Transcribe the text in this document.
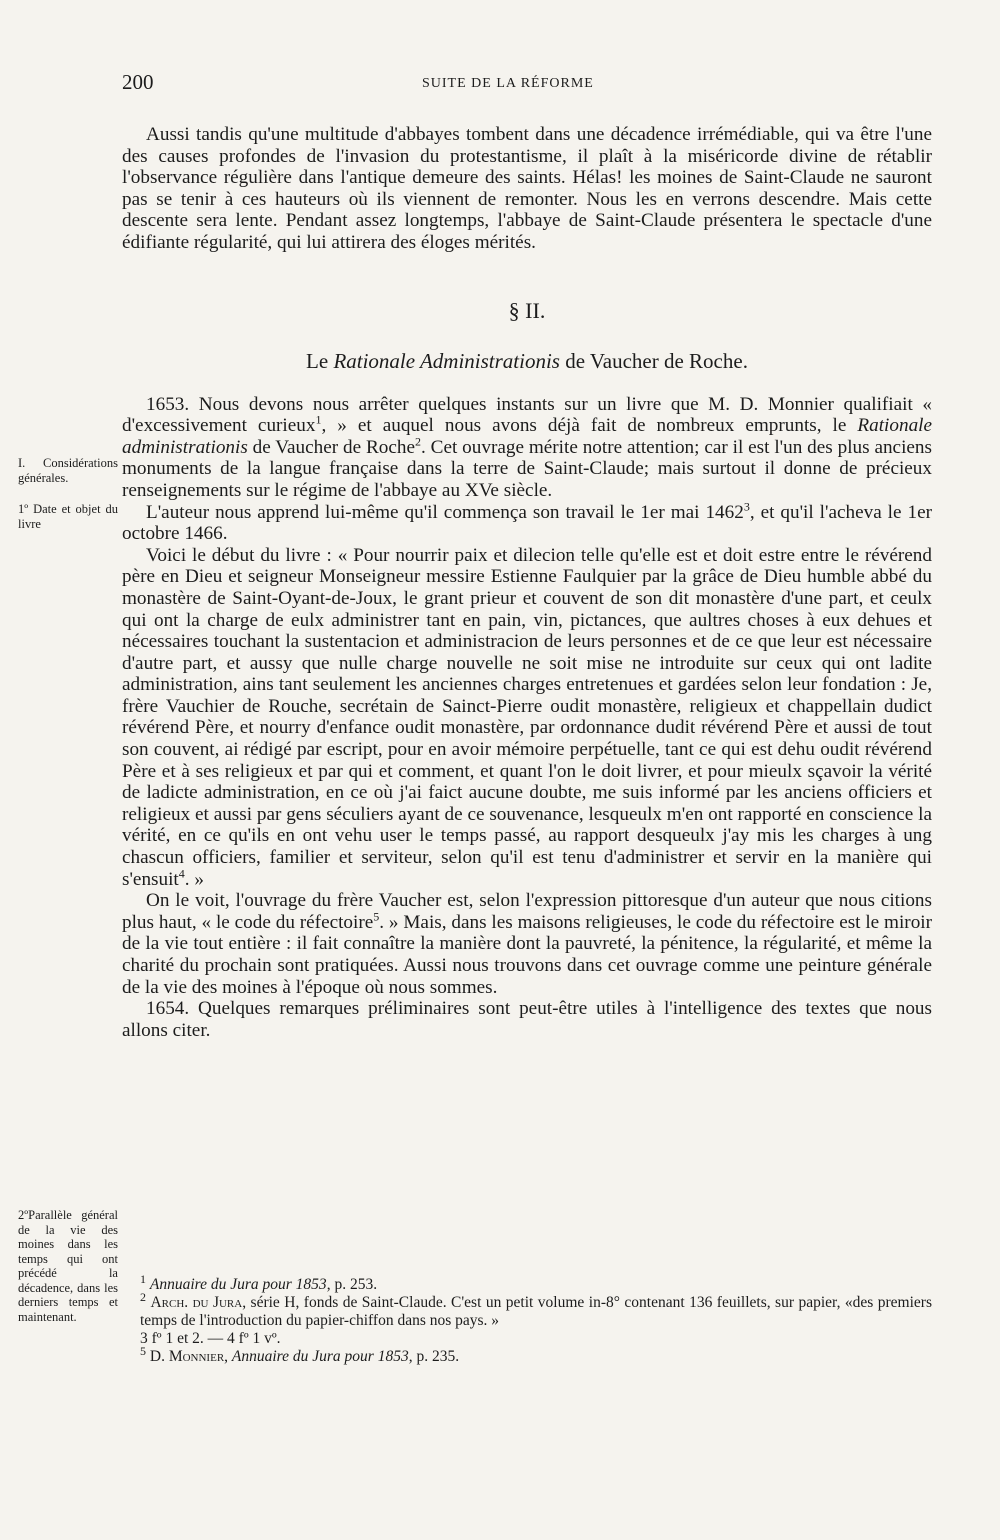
200	SUITE DE LA RÉFORME
I. Considérations générales.
1º Date et objet du livre
2ºParallèle général de la vie des moines dans les temps qui ont précédé la décadence, dans les derniers temps et maintenant.

Aussi tandis qu'une multitude d'abbayes tombent dans une décadence irrémédiable, qui va être l'une des causes profondes de l'invasion du protestantisme, il plaît à la miséricorde divine de rétablir l'observance régulière dans l'antique demeure des saints. Hélas! les moines de Saint-Claude ne sauront pas se tenir à ces hauteurs où ils viennent de remonter. Nous les en verrons descendre. Mais cette descente sera lente. Pendant assez longtemps, l'abbaye de Saint-Claude présentera le spectacle d'une édifiante régularité, qui lui attirera des éloges mérités.

§ II.
Le Rationale Administrationis de Vaucher de Roche.

1653. Nous devons nous arrêter quelques instants sur un livre que M. D. Monnier qualifiait « d'excessivement curieux$^1$, » et auquel nous avons déjà fait de nombreux emprunts, le Rationale administrationis de Vaucher de Roche$^2$. Cet ouvrage mérite notre attention; car il est l'un des plus anciens monuments de la langue française dans la terre de Saint-Claude; mais surtout il donne de précieux renseignements sur le régime de l'abbaye au XVe siècle.

L'auteur nous apprend lui-même qu'il commença son travail le 1er mai 1462$^3$, et qu'il l'acheva le 1er octobre 1466.

Voici le début du livre : « Pour nourrir paix et dilecion telle qu'elle est et doit estre entre le révérend père en Dieu et seigneur Monseigneur messire Estienne Faulquier par la grâce de Dieu humble abbé du monastère de Saint-Oyant-de-Joux, le grant prieur et couvent de son dit monastère d'une part, et ceulx qui ont la charge de eulx administrer tant en pain, vin, pictances, que aultres choses à eux dehues et nécessaires touchant la sustentacion et administracion de leurs personnes et de ce que leur est nécessaire d'autre part, et aussy que nulle charge nouvelle ne soit mise ne introduite sur ceux qui ont ladite administration, ains tant seulement les anciennes charges entretenues et gardées selon leur fondation : Je, frère Vauchier de Rouche, secrétain de Sainct-Pierre oudit monastère, religieux et chappellain dudict révérend Père, et nourry d'enfance oudit monastère, par ordonnance dudit révérend Père et aussi de tout son couvent, ai rédigé par escript, pour en avoir mémoire perpétuelle, tant ce qui est dehu oudit révérend Père et à ses religieux et par qui et comment, et quant l'on le doit livrer, et pour mieulx sçavoir la vérité de ladicte administration, en ce où j'ai faict aucune doubte, me suis informé par les anciens officiers et religieux et aussi par gens séculiers ayant de ce souvenance, lesqueulx m'en ont rapporté en conscience la vérité, en ce qu'ils en ont vehu user le temps passé, au rapport desqueulx j'ay mis les charges à ung chascun officiers, familier et serviteur, selon qu'il est tenu d'administrer et servir en la manière qui s'ensuit$^4$. »

On le voit, l'ouvrage du frère Vaucher est, selon l'expression pittoresque d'un auteur que nous citions plus haut, « le code du réfectoire$^5$. » Mais, dans les maisons religieuses, le code du réfectoire est le miroir de la vie tout entière : il fait connaître la manière dont la pauvreté, la pénitence, la régularité, et même la charité du prochain sont pratiquées. Aussi nous trouvons dans cet ouvrage comme une peinture générale de la vie des moines à l'époque où nous sommes.

1654. Quelques remarques préliminaires sont peut-être utiles à l'intelligence des textes que nous allons citer.

$^1$ Annuaire du Jura pour 1853, p. 253.
$^2$ Arch. du Jura, série H, fonds de Saint-Claude. C'est un petit volume in-8° contenant 136 feuillets, sur papier, «des premiers temps de l'introduction du papier-chiffon dans nos pays. »
3 fº 1 et 2. — 4 fº 1 vº.
$^5$ D. Monnier, Annuaire du Jura pour 1853, p. 235.
